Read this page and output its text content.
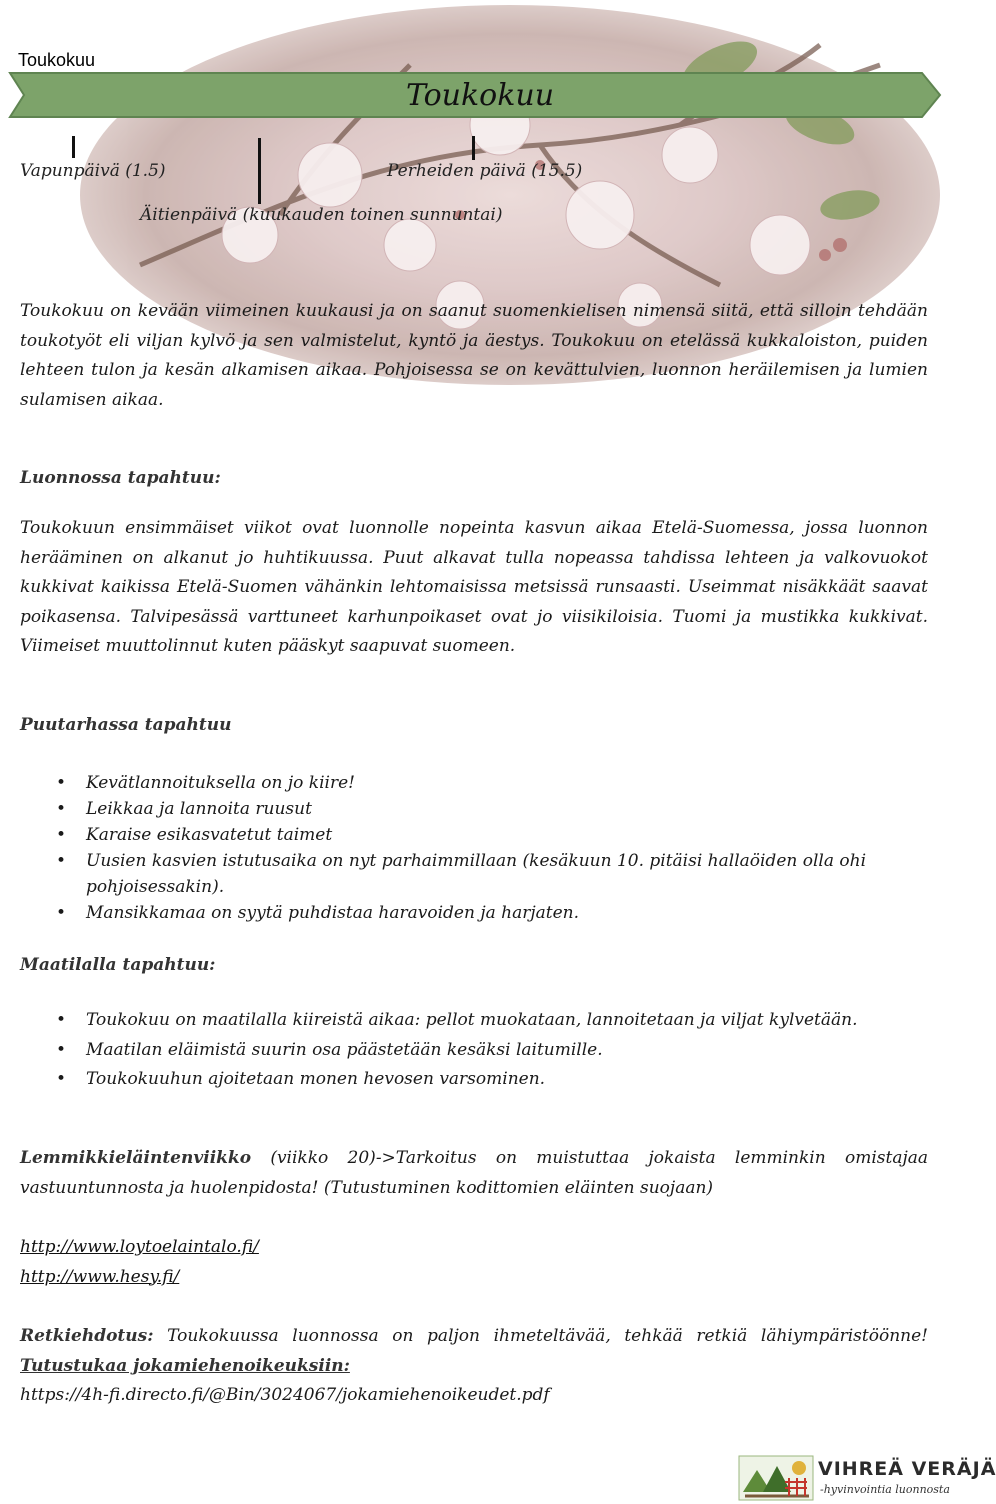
Toukokuu
Toukokuu
Vapunpäivä (1.5)	Perheiden päivä (15.5)
Äitienpäivä (kuukauden toinen sunnuntai)
Toukokuu on kevään viimeinen kuukausi ja on saanut suomenkielisen nimensä siitä, että silloin tehdään toukotyöt eli viljan kylvö ja sen valmistelut, kyntö ja äestys. Toukokuu on etelässä kukkaloiston, puiden lehteen tulon ja kesän alkamisen aikaa. Pohjoisessa se on kevättulvien, luonnon heräilemisen ja lumien sulamisen aikaa.
Luonnossa tapahtuu:
Toukokuun ensimmäiset viikot ovat luonnolle nopeinta kasvun aikaa Etelä-Suomessa, jossa luonnon herääminen on alkanut jo huhtikuussa. Puut alkavat tulla nopeassa tahdissa lehteen ja valkovuokot kukkivat kaikissa Etelä-Suomen vähänkin lehtomaisissa metsissä runsaasti. Useimmat nisäkkäät saavat poikasensa. Talvipesässä varttuneet karhunpoikaset ovat jo viisikiloisia. Tuomi ja mustikka kukkivat. Viimeiset muuttolinnut kuten pääskyt saapuvat suomeen.
Puutarhassa tapahtuu
• Kevätlannoituksella on jo kiire!
• Leikkaa ja lannoita ruusut
• Karaise esikasvatetut taimet
• Uusien kasvien istutusaika on nyt parhaimmillaan (kesäkuun 10. pitäisi hallaöiden olla ohi pohjoisessakin).
• Mansikkamaa on syytä puhdistaa haravoiden ja harjaten.
Maatilalla tapahtuu:
• Toukokuu on maatilalla kiireistä aikaa: pellot muokataan, lannoitetaan ja viljat kylvetään.
• Maatilan eläimistä suurin osa päästetään kesäksi laitumille.
• Toukokuuhun ajoitetaan monen hevosen varsominen.
Lemmikkieläintenviikko (viikko 20)->Tarkoitus on muistuttaa jokaista lemminkin omistajaa vastuuntunnosta ja huolenpidosta! (Tutustuminen kodittomien eläinten suojaan)
http://www.loytoelaintalo.fi/
http://www.hesy.fi/
Retkiehdotus: Toukokuussa luonnossa on paljon ihmeteltävää, tehkää retkiä lähiympäristöönne! Tutustukaa jokamiehenoikeuksiin:
https://4h-fi.directo.fi/@Bin/3024067/jokamiehenoikeudet.pdf
VIHREÄ VERÄJÄ
-hyvinvointia luonnosta
